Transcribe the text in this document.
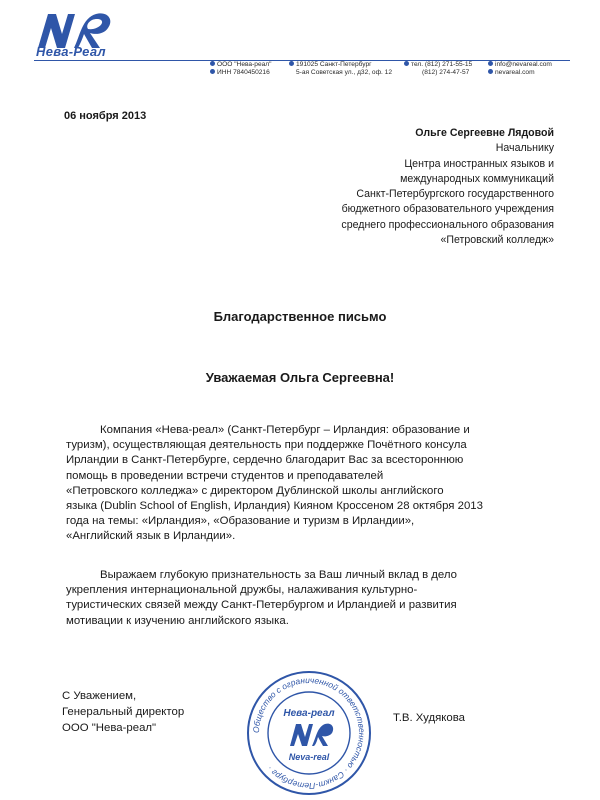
Нева-Реал
ООО "Нева-реал"
ИНН 7840450216
191025 Санкт-Петербург
5-ая Советская ул., д32, оф. 12
тел. (812) 271-55-15
(812) 274-47-57
info@nevareal.com
nevareal.com
06 ноября 2013
Ольге Сергеевне Лядовой
Начальнику
Центра иностранных языков и
международных коммуникаций
Санкт-Петербургского государственного
бюджетного образовательного учреждения
среднего профессионального образования
«Петровский колледж»
Благодарственное письмо
Уважаемая Ольга Сергеевна!
Компания «Нева-реал» (Санкт-Петербург – Ирландия: образование и
туризм), осуществляющая деятельность при поддержке Почётного консула
Ирландии в Санкт-Петербурге, сердечно благодарит Вас за всестороннюю
помощь в проведении встречи студентов и преподавателей
«Петровского колледжа» с директором Дублинской школы английского
языка (Dublin School of English, Ирландия) Кияном Кроссеном 28 октября 2013
года на темы: «Ирландия», «Образование и туризм в Ирландии»,
«Английский язык в Ирландии».
Выражаем глубокую признательность за Ваш личный вклад в дело
укрепления интернациональной дружбы, налаживания культурно-
туристических связей между Санкт-Петербургом и Ирландией и развития
мотивации к изучению английского языка.
С Уважением,
Генеральный директор
ООО "Нева-реал"
Т.В. Худякова
Общество с ограниченной ответственностью · Санкт-Петербург ·
Нева-реал
Neva-real
